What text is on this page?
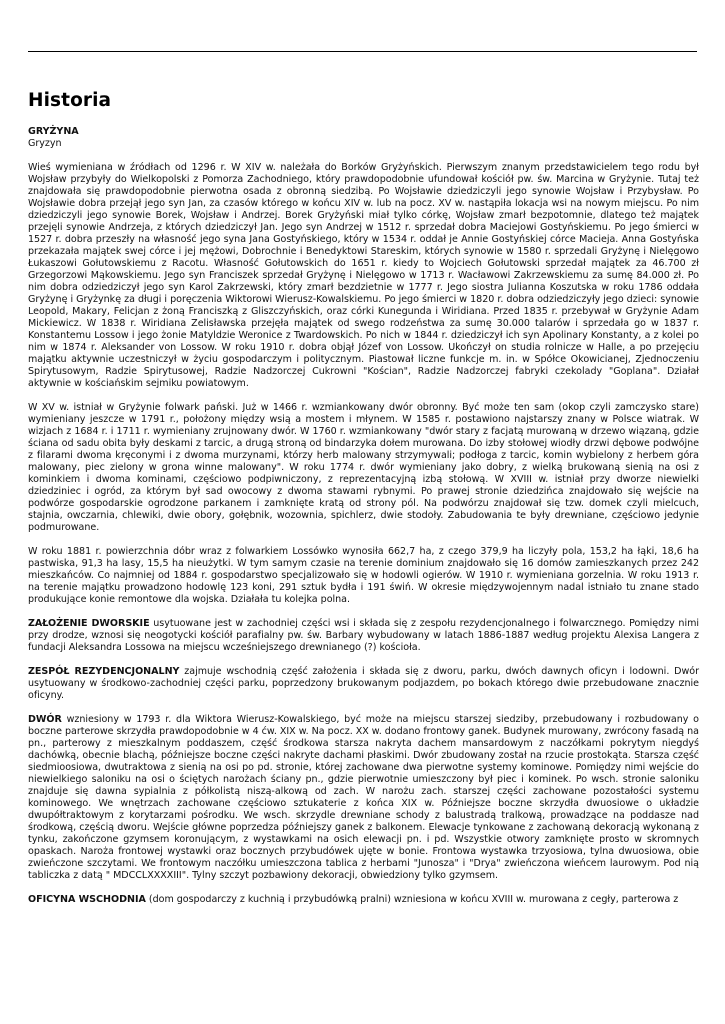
Historia

GRYŻYNA

Gryzyn

Wieś wymieniana w źródłach od 1296 r. W XIV w. należała do Borków Gryżyńskich. Pierwszym znanym przedstawicielem tego rodu był Wojsław przybyły do Wielkopolski z Pomorza Zachodniego, który prawdopodobnie ufundował kościół pw. św. Marcina w Gryżynie. Tutaj też znajdowała się prawdopodobnie pierwotna osada z obronną siedzibą. Po Wojsławie dziedziczyli jego synowie Wojsław i Przybysław. Po Wojsławie dobra przejął jego syn Jan, za czasów którego w końcu XIV w. lub na pocz. XV w. nastąpiła lokacja wsi na nowym miejscu. Po nim dziedziczyli jego synowie Borek, Wojsław i Andrzej. Borek Gryżyński miał tylko córkę, Wojsław zmarł bezpotomnie, dlatego też majątek przejęli synowie Andrzeja, z których dziedziczył Jan. Jego syn Andrzej w 1512 r. sprzedał dobra Maciejowi Gostyńskiemu. Po jego śmierci w 1527 r. dobra przeszły na własność jego syna Jana Gostyńskiego, który w 1534 r. oddał je Annie Gostyńskiej córce Macieja. Anna Gostyńska przekazała majątek swej córce i jej mężowi, Dobrochnie i Benedyktowi Stareskim, których synowie w 1580 r. sprzedali Gryżynę i Nielęgowo Łukaszowi Gołutowskiemu z Racotu. Własność Gołutowskich do 1651 r. kiedy to Wojciech Gołutowski sprzedał majątek za 46.700 zł Grzegorzowi Mąkowskiemu. Jego syn Franciszek sprzedał Gryżynę i Nielęgowo w 1713 r. Wacławowi Zakrzewskiemu za sumę 84.000 zł. Po nim dobra odziedziczył jego syn Karol Zakrzewski, który zmarł bezdzietnie w 1777 r. Jego siostra Julianna Koszutska w roku 1786 oddała Gryżynę i Gryżynkę za długi i poręczenia Wiktorowi Wierusz-Kowalskiemu. Po jego śmierci w 1820 r. dobra odziedziczyły jego dzieci: synowie Leopold, Makary, Felicjan z żoną Franciszką z Gliszczyńskich, oraz córki Kunegunda i Wiridiana. Przed 1835 r. przebywał w Gryżynie Adam Mickiewicz. W 1838 r. Wiridiana Zelisławska przejęła majątek od swego rodzeństwa za sumę 30.000 talarów i sprzedała go w 1837 r. Konstantemu Lossow i jego żonie Matyldzie Weronice z Twardowskich. Po nich w 1844 r. dziedziczył ich syn Apolinary Konstanty, a z kolei po nim w 1874 r. Aleksander von Lossow. W roku 1910 r. dobra objął Józef von Lossow. Ukończył on studia rolnicze w Halle, a po przejęciu majątku aktywnie uczestniczył w życiu gospodarczym i politycznym. Piastował liczne funkcje m. in. w Spółce Okowicianej, Zjednoczeniu Spirytusowym, Radzie Spirytusowej, Radzie Nadzorczej Cukrowni "Kościan", Radzie Nadzorczej fabryki czekolady "Goplana". Działał aktywnie w kościańskim sejmiku powiatowym.

W XV w. istniał w Gryżynie folwark pański. Już w 1466 r. wzmiankowany dwór obronny. Być może ten sam (okop czyli zamczysko stare) wymieniany jeszcze w 1791 r., położony między wsią a mostem i młynem. W 1585 r. postawiono najstarszy znany w Polsce wiatrak. W wizjach z 1684 r. i 1711 r. wymieniany zrujnowany dwór. W 1760 r. wzmiankowany "dwór stary z facjatą murowaną w drzewo wiązaną, gdzie ściana od sadu obita były deskami z tarcic, a drugą stroną od bindarzyka dołem murowana. Do izby stołowej wiodły drzwi dębowe podwójne z filarami dwoma kręconymi i z dwoma murzynami, którzy herb malowany strzymywali; podłoga z tarcic, komin wybielony z herbem góra malowany, piec zielony w grona winne malowany". W roku 1774 r. dwór wymieniany jako dobry, z wielką brukowaną sienią na osi z kominkiem i dwoma kominami, częściowo podpiwniczony, z reprezentacyjną izbą stołową. W XVIII w. istniał przy dworze niewielki dziedziniec i ogród, za którym był sad owocowy z dwoma stawami rybnymi. Po prawej stronie dziedzińca znajdowało się wejście na podwórze gospodarskie ogrodzone parkanem i zamknięte kratą od strony pól. Na podwórzu znajdował się tzw. domek czyli mielcuch, stajnia, owczarnia, chlewiki, dwie obory, gołębnik, wozownia, spichlerz, dwie stodoły. Zabudowania te były drewniane, częściowo jedynie podmurowane.

W roku 1881 r. powierzchnia dóbr wraz z folwarkiem Lossówko wynosiła 662,7 ha, z czego 379,9 ha liczyły pola, 153,2 ha łąki, 18,6 ha pastwiska, 91,3 ha lasy, 15,5 ha nieużytki. W tym samym czasie na terenie dominium znajdowało się 16 domów zamieszkanych przez 242 mieszkańców. Co najmniej od 1884 r. gospodarstwo specjalizowało się w hodowli ogierów. W 1910 r. wymieniana gorzelnia. W roku 1913 r. na terenie majątku prowadzono hodowlę 123 koni, 291 sztuk bydła i 191 świń. W okresie międzywojennym nadal istniało tu znane stado produkujące konie remontowe dla wojska. Działała tu kolejka polna.

ZAŁOŻENIE DWORSKIE usytuowane jest w zachodniej części wsi i składa się z zespołu rezydencjonalnego i folwarcznego. Pomiędzy nimi przy drodze, wznosi się neogotycki kościół parafialny pw. św. Barbary wybudowany w latach 1886-1887 według projektu Alexisa Langera z fundacji Aleksandra Lossowa na miejscu wcześniejszego drewnianego (?) kościoła.

ZESPÓŁ REZYDENCJONALNY zajmuje wschodnią część założenia i składa się z dworu, parku, dwóch dawnych oficyn i lodowni. Dwór usytuowany w środkowo-zachodniej części parku, poprzedzony brukowanym podjazdem, po bokach którego dwie przebudowane znacznie oficyny.

DWÓR wzniesiony w 1793 r. dla Wiktora Wierusz-Kowalskiego, być może na miejscu starszej siedziby, przebudowany i rozbudowany o boczne parterowe skrzydła prawdopodobnie w 4 ćw. XIX w. Na pocz. XX w. dodano frontowy ganek. Budynek murowany, zwrócony fasadą na pn., parterowy z mieszkalnym poddaszem, część środkowa starsza nakryta dachem mansardowym z naczółkami pokrytym niegdyś dachówką, obecnie blachą, późniejsze boczne części nakryte dachami płaskimi. Dwór zbudowany został na rzucie prostokąta. Starsza część siedmioosiowa, dwutraktowa z sienią na osi po pd. stronie, której zachowane dwa pierwotne systemy kominowe. Pomiędzy nimi wejście do niewielkiego saloniku na osi o ściętych narożach ściany pn., gdzie pierwotnie umieszczony był piec i kominek. Po wsch. stronie saloniku znajduje się dawna sypialnia z półkolistą niszą-alkową od zach. W narożu zach. starszej części zachowane pozostałości systemu kominowego. We wnętrzach zachowane częściowo sztukaterie z końca XIX w. Późniejsze boczne skrzydła dwuosiowe o układzie dwupółtraktowym z korytarzami pośrodku. We wsch. skrzydle drewniane schody z balustradą tralkową, prowadzące na poddasze nad środkową, częścią dworu. Wejście główne poprzedza późniejszy ganek z balkonem. Elewacje tynkowane z zachowaną dekoracją wykonaną z tynku, zakończone gzymsem koronującym, z wystawkami na osich elewacji pn. i pd. Wszystkie otwory zamknięte prosto w skromnych opaskach. Naroża frontowej wystawki oraz bocznych przybudówek ujęte w bonie. Frontowa wystawka trzyosiowa, tylna dwuosiowa, obie zwieńczone szczytami. We frontowym naczółku umieszczona tablica z herbami "Junosza" i "Drya" zwieńczona wieńcem laurowym. Pod nią tabliczka z datą " MDCCLXXXXIII". Tylny szczyt pozbawiony dekoracji, obwiedziony tylko gzymsem.

OFICYNA WSCHODNIA (dom gospodarczy z kuchnią i przybudówką pralni) wzniesiona w końcu XVIII w. murowana z cegły, parterowa z
